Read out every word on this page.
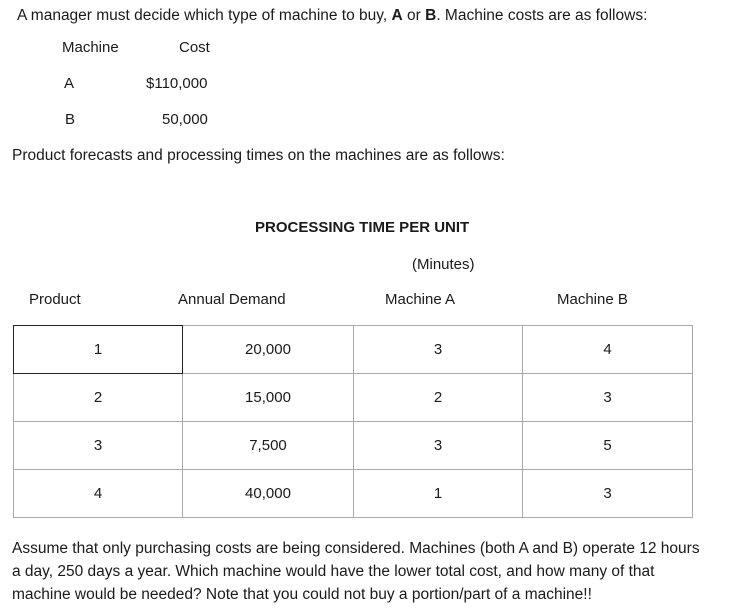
A manager must decide which type of machine to buy, A or B. Machine costs are as follows:
Machine	Cost
A	$110,000
B	50,000
Product forecasts and processing times on the machines are as follows:
PROCESSING TIME PER UNIT
(Minutes)
Product	Annual Demand	Machine A	Machine B
1	20,000	3	4
2	15,000	2	3
3	7,500	3	5
4	40,000	1	3
Assume that only purchasing costs are being considered. Machines (both A and B) operate 12 hours a day, 250 days a year. Which machine would have the lower total cost, and how many of that machine would be needed? Note that you could not buy a portion/part of a machine!!
